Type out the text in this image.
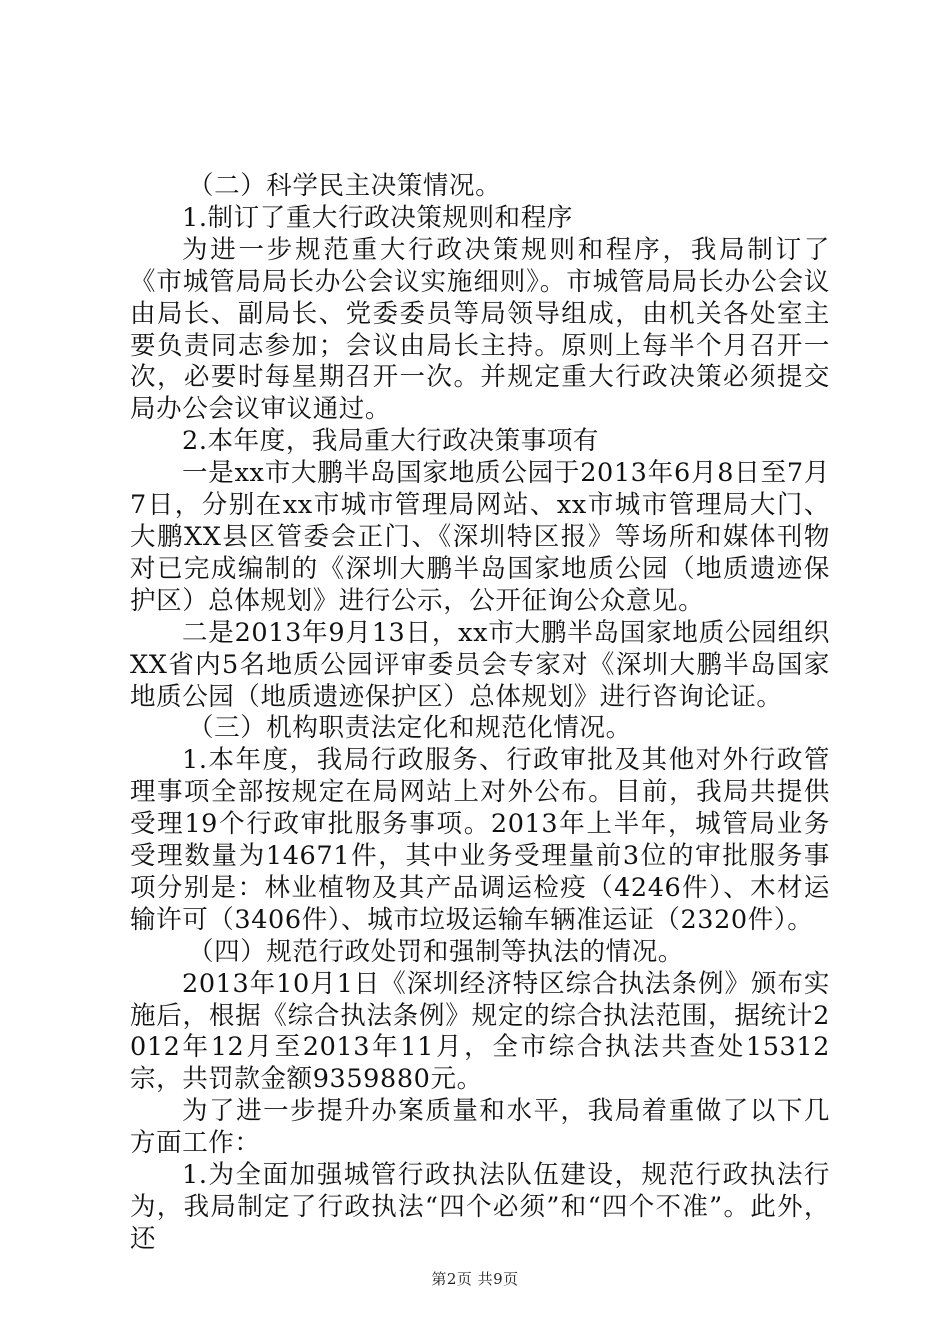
（二）科学民主决策情况。

1.制订了重大行政决策规则和程序

为进一步规范重大行政决策规则和程序，我局制订了《市城管局局长办公会议实施细则》。市城管局局长办公会议由局长、副局长、党委委员等局领导组成，由机关各处室主要负责同志参加；会议由局长主持。原则上每半个月召开一次，必要时每星期召开一次。并规定重大行政决策必须提交局办公会议审议通过。

2.本年度，我局重大行政决策事项有

一是xx市大鹏半岛国家地质公园于2013年6月8日至7月7日，分别在xx市城市管理局网站、xx市城市管理局大门、大鹏XX县区管委会正门、《深圳特区报》等场所和媒体刊物对已完成编制的《深圳大鹏半岛国家地质公园（地质遗迹保护区）总体规划》进行公示，公开征询公众意见。

二是2013年9月13日，xx市大鹏半岛国家地质公园组织XX省内5名地质公园评审委员会专家对《深圳大鹏半岛国家地质公园（地质遗迹保护区）总体规划》进行咨询论证。

（三）机构职责法定化和规范化情况。

1.本年度，我局行政服务、行政审批及其他对外行政管理事项全部按规定在局网站上对外公布。目前，我局共提供受理19个行政审批服务事项。2013年上半年，城管局业务受理数量为14671件，其中业务受理量前3位的审批服务事项分别是：林业植物及其产品调运检疫（4246件）、木材运输许可（3406件）、城市垃圾运输车辆准运证（2320件）。

（四）规范行政处罚和强制等执法的情况。

2013年10月1日《深圳经济特区综合执法条例》颁布实施后，根据《综合执法条例》规定的综合执法范围，据统计2012年12月至2013年11月，全市综合执法共查处15312宗，共罚款金额9359880元。

为了进一步提升办案质量和水平，我局着重做了以下几方面工作：

1.为全面加强城管行政执法队伍建设，规范行政执法行为，我局制定了行政执法“四个必须”和“四个不准”。此外，还

第2页 共9页
